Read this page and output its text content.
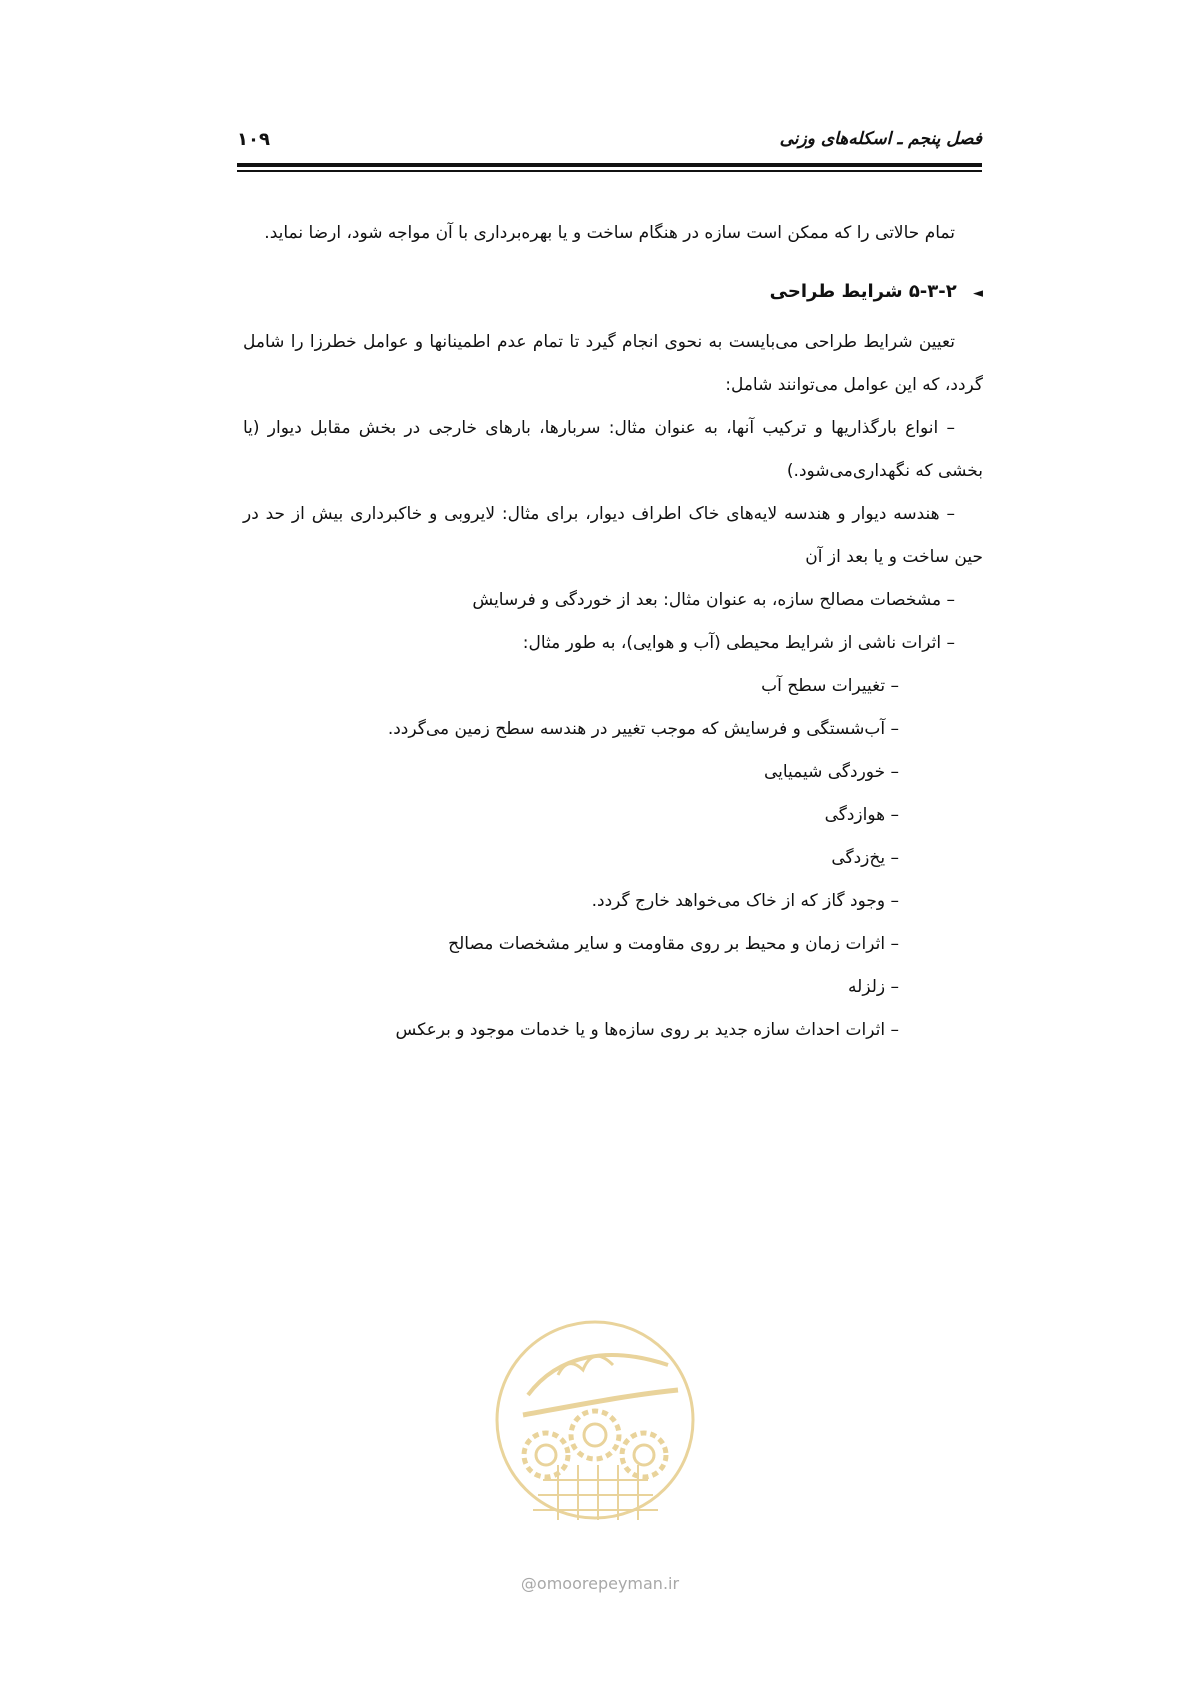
فصل پنجم ـ اسکله‌های وزنی
۱۰۹

تمام حالاتی را که ممکن است سازه در هنگام ساخت و یا بهره‌برداری با آن مواجه شود، ارضا نماید.

◄ ۵-۳-۲ شرایط طراحی

تعیین شرایط طراحی می‌بایست به نحوی انجام گیرد تا تمام عدم اطمینانها و عوامل خطرزا را شامل گردد، که این عوامل می‌توانند شامل:

– انواع بارگذاریها و ترکیب آنها، به عنوان مثال: سربارها، بارهای خارجی در بخش مقابل دیوار (یا بخشی که نگهداری‌می‌شود.)

– هندسه دیوار و هندسه لایه‌های خاک اطراف دیوار، برای مثال: لایروبی و خاکبرداری بیش از حد در حین ساخت و یا بعد از آن

– مشخصات مصالح سازه، به عنوان مثال: بعد از خوردگی و فرسایش

– اثرات ناشی از شرایط محیطی (آب و هوایی)، به طور مثال:

– تغییرات سطح آب

– آب‌شستگی و فرسایش که موجب تغییر در هندسه سطح زمین می‌گردد.

– خوردگی شیمیایی

– هوازدگی

– یخ‌زدگی

– وجود گاز که از خاک می‌خواهد خارج گردد.

– اثرات زمان و محیط بر روی مقاومت و سایر مشخصات مصالح

– زلزله

– اثرات احداث سازه جدید بر روی سازه‌ها و یا خدمات موجود و برعکس

@omoorepeyman.ir
